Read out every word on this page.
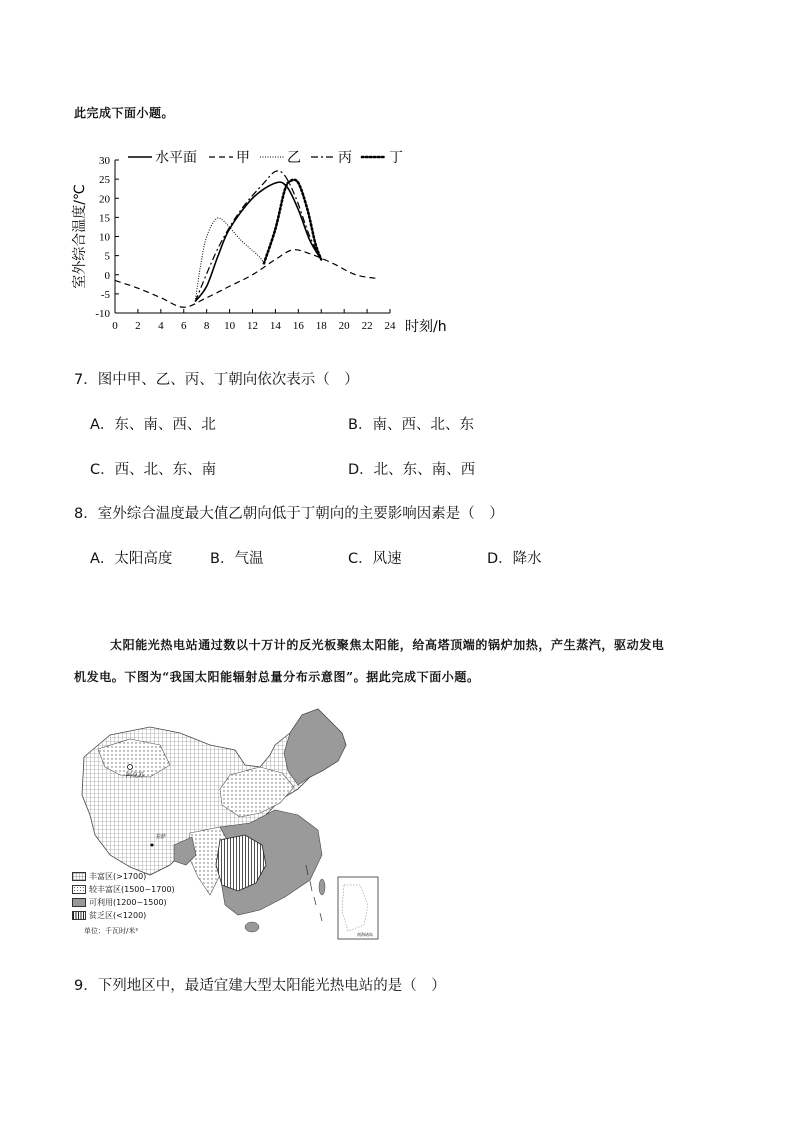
此完成下面小题。
30
25
20
15
10
5
0
-5
-10
0 2 4 6 8 10 12 14 16 18 20 22 24 时刻/h
室外综合温度/℃
水平面	甲	乙	丙	丁
7．图中甲、乙、丙、丁朝向依次表示（　）
A．东、南、西、北	B．南、西、北、东
C．西、北、东、南	D．北、东、南、西
8．室外综合温度最大值乙朝向低于丁朝向的主要影响因素是（　）
A．太阳高度	B．气温	C．风速	D．降水
太阳能光热电站通过数以十万计的反光板聚焦太阳能，给高塔顶端的锅炉加热，产生蒸汽，驱动发电
机发电。下图为“我国太阳能辐射总量分布示意图”。据此完成下面小题。
阿克苏
拉萨
南海诸岛
丰富区(>1700)
较丰富区(1500~1700)
可利用(1200~1500)
贫乏区(<1200)
单位：千瓦时/米²
9．下列地区中，最适宜建大型太阳能光热电站的是（　）
